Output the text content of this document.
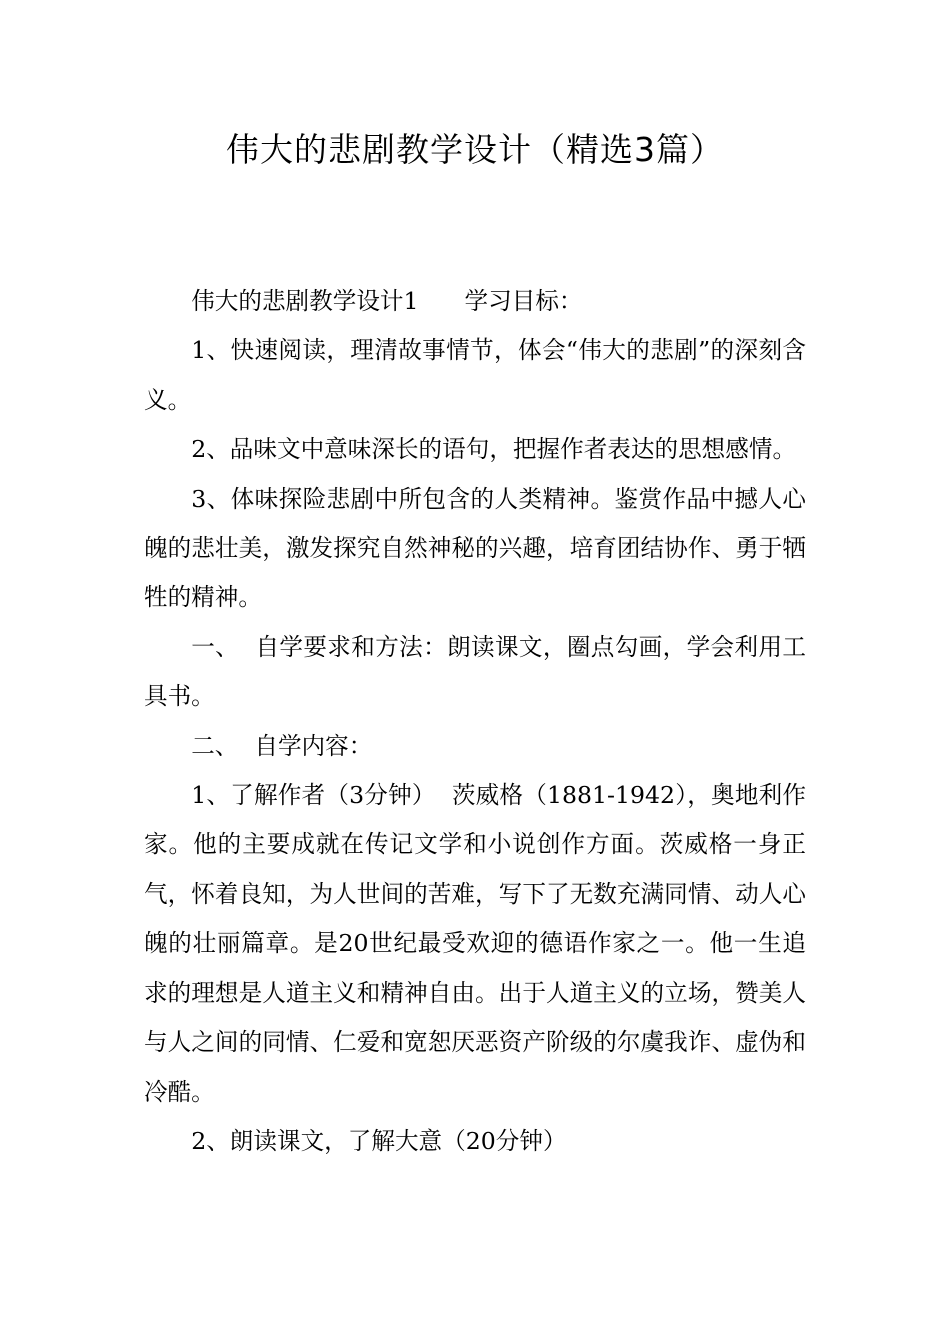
伟大的悲剧教学设计（精选3篇）

伟大的悲剧教学设计1 学习目标：

1、快速阅读，理清故事情节，体会“伟大的悲剧”的深刻含义。

2、品味文中意味深长的语句，把握作者表达的思想感情。

3、体味探险悲剧中所包含的人类精神。鉴赏作品中撼人心魄的悲壮美，激发探究自然神秘的兴趣，培育团结协作、勇于牺牲的精神。

一、 自学要求和方法：朗读课文，圈点勾画，学会利用工具书。

二、 自学内容：

1、了解作者（3分钟） 茨威格（1881-1942），奥地利作家。他的主要成就在传记文学和小说创作方面。茨威格一身正气，怀着良知，为人世间的苦难，写下了无数充满同情、动人心魄的壮丽篇章。是20世纪最受欢迎的德语作家之一。他一生追求的理想是人道主义和精神自由。出于人道主义的立场，赞美人与人之间的同情、仁爱和宽恕厌恶资产阶级的尔虞我诈、虚伪和冷酷。

2、朗读课文，了解大意（20分钟）
